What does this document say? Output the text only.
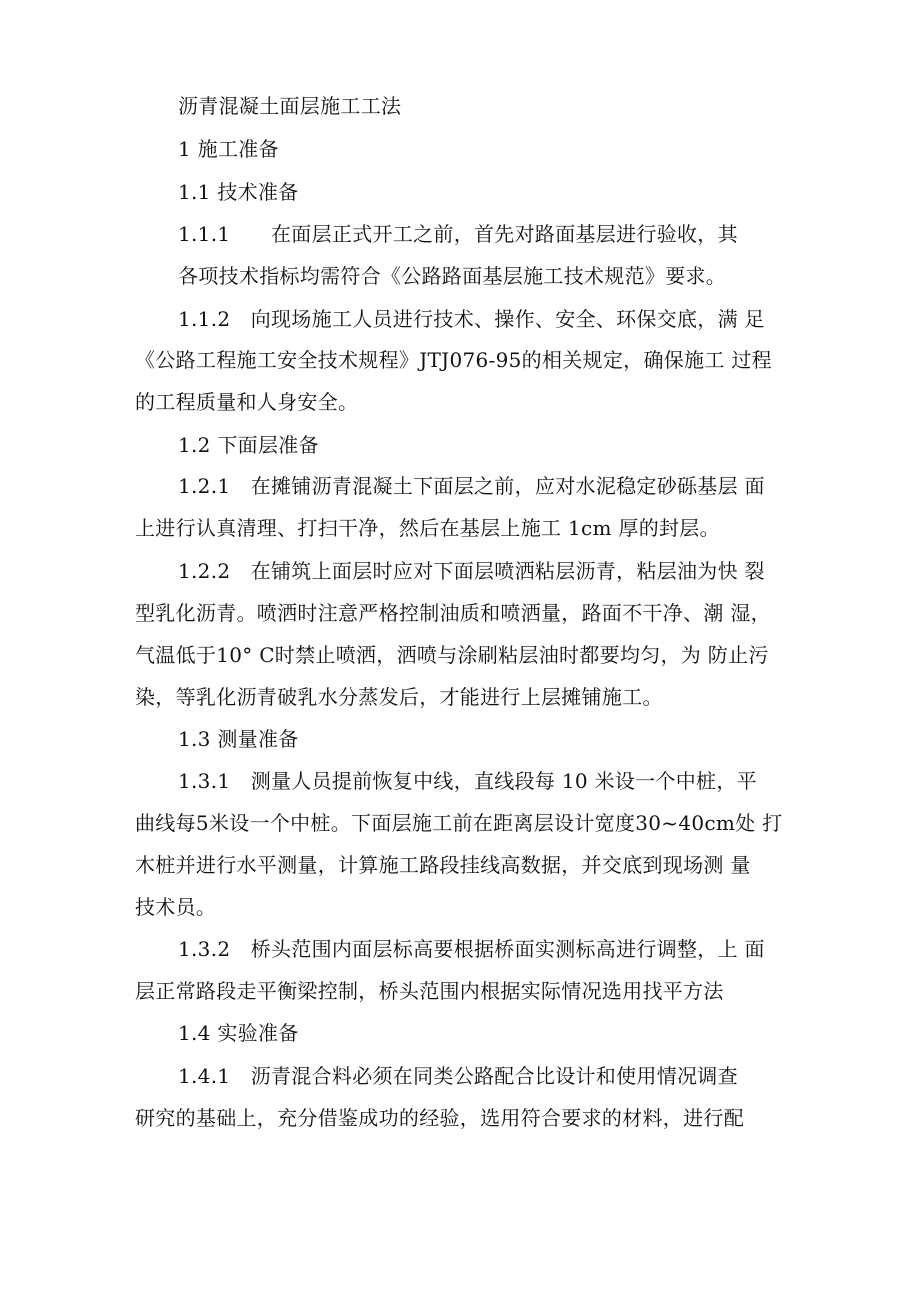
沥青混凝土面层施工工法
1 施工准备
1.1 技术准备
1.1.1　　在面层正式开工之前，首先对路面基层进行验收，其
各项技术指标均需符合《公路路面基层施工技术规范》要求。
1.1.2　向现场施工人员进行技术、操作、安全、环保交底，满 足
《公路工程施工安全技术规程》JTJ076-95的相关规定，确保施工 过程
的工程质量和人身安全。
1.2 下面层准备
1.2.1　在摊铺沥青混凝土下面层之前，应对水泥稳定砂砾基层 面
上进行认真清理、打扫干净，然后在基层上施工 1cm 厚的封层。
1.2.2　在铺筑上面层时应对下面层喷洒粘层沥青，粘层油为快 裂
型乳化沥青。喷洒时注意严格控制油质和喷洒量，路面不干净、潮 湿，
气温低于10° C时禁止喷洒，洒喷与涂刷粘层油时都要均匀，为 防止污
染，等乳化沥青破乳水分蒸发后，才能进行上层摊铺施工。
1.3 测量准备
1.3.1　测量人员提前恢复中线，直线段每 10 米设一个中桩，平
曲线每5米设一个中桩。下面层施工前在距离层设计宽度30~40cm处 打
木桩并进行水平测量，计算施工路段挂线高数据，并交底到现场测 量
技术员。
1.3.2　桥头范围内面层标高要根据桥面实测标高进行调整，上 面
层正常路段走平衡梁控制，桥头范围内根据实际情况选用找平方法
1.4 实验准备
1.4.1　沥青混合料必须在同类公路配合比设计和使用情况调查
研究的基础上，充分借鉴成功的经验，选用符合要求的材料，进行配
